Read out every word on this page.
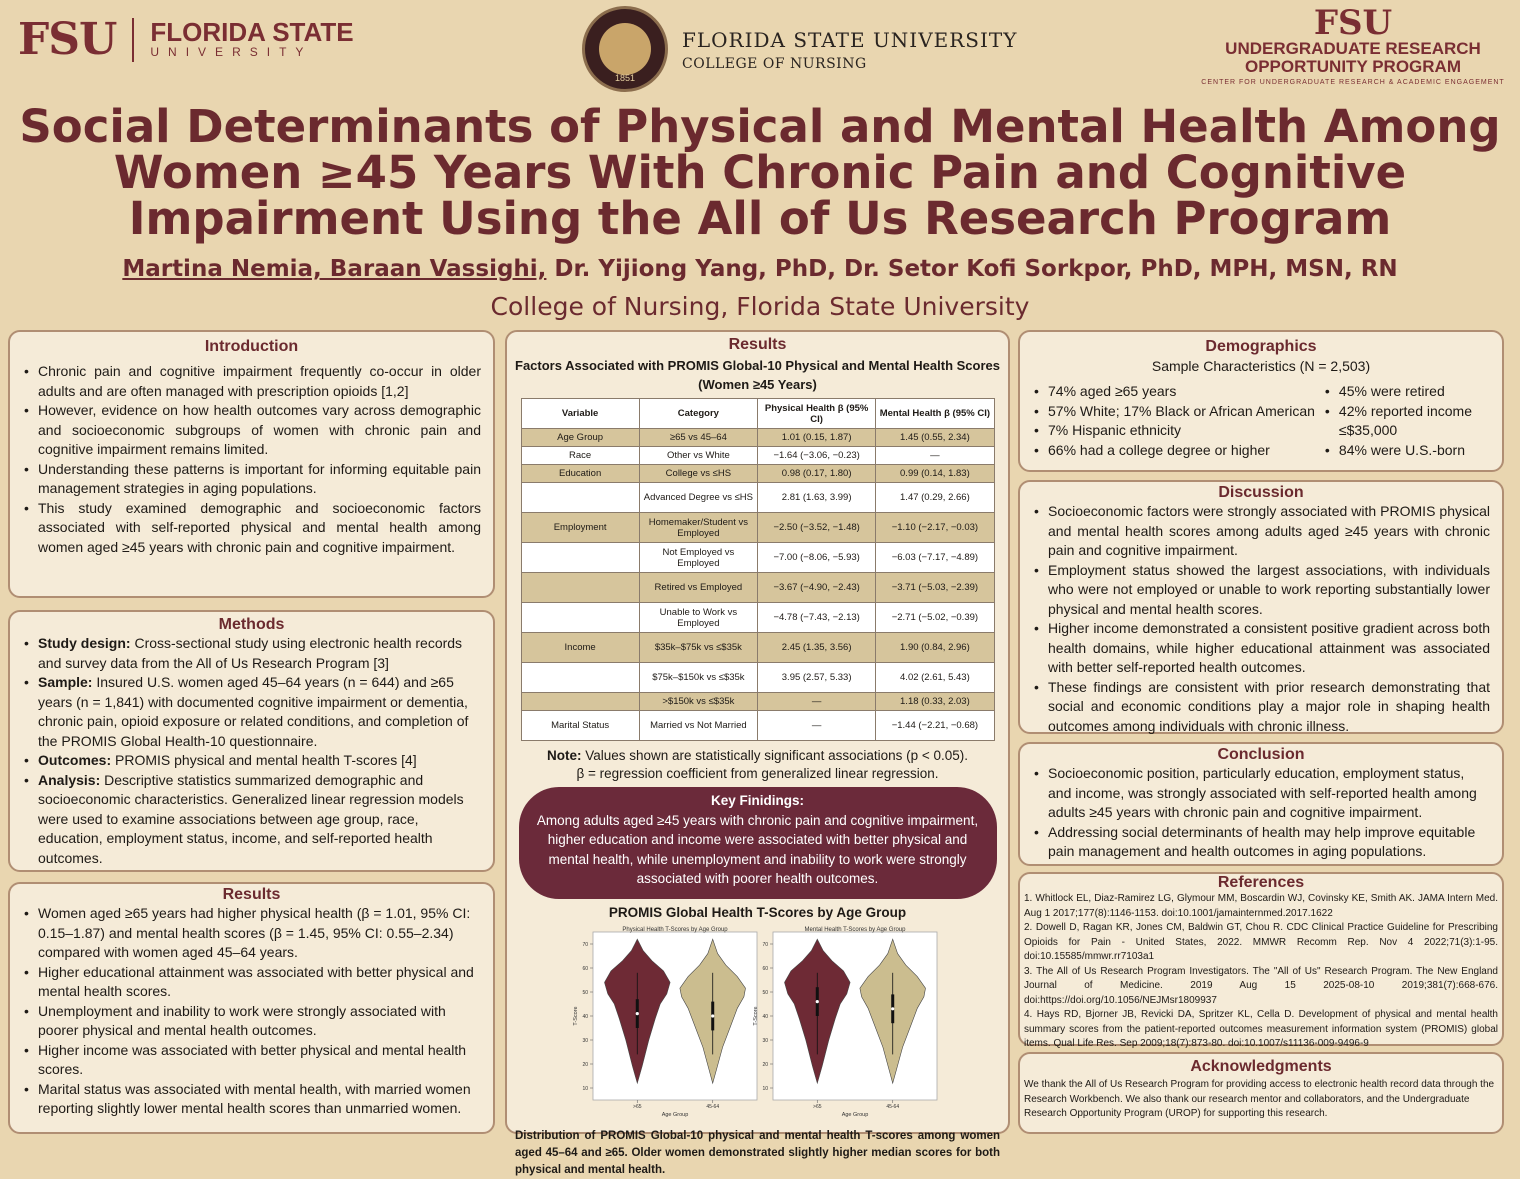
FSU FLORIDA STATE
UNIVERSITY
1851
FLORIDA STATE UNIVERSITY
COLLEGE OF NURSING
FSU
UNDERGRADUATE RESEARCH
OPPORTUNITY PROGRAM
CENTER FOR UNDERGRADUATE RESEARCH & ACADEMIC ENGAGEMENT
Social Determinants of Physical and Mental Health Among
Women ≥45 Years With Chronic Pain and Cognitive
Impairment Using the All of Us Research Program
Martina Nemia, Baraan Vassighi, Dr. Yijiong Yang, PhD, Dr. Setor Kofi Sorkpor, PhD, MPH, MSN, RN
College of Nursing, Florida State University
Introduction
• Chronic pain and cognitive impairment frequently co-occur in older adults and are often managed with prescription opioids [1,2]
• However, evidence on how health outcomes vary across demographic and socioeconomic subgroups of women with chronic pain and cognitive impairment remains limited.
• Understanding these patterns is important for informing equitable pain management strategies in aging populations.
• This study examined demographic and socioeconomic factors associated with self-reported physical and mental health among women aged ≥45 years with chronic pain and cognitive impairment.
Methods
• Study design: Cross-sectional study using electronic health records and survey data from the All of Us Research Program [3]
• Sample: Insured U.S. women aged 45–64 years (n = 644) and ≥65 years (n = 1,841) with documented cognitive impairment or dementia, chronic pain, opioid exposure or related conditions, and completion of the PROMIS Global Health-10 questionnaire.
• Outcomes: PROMIS physical and mental health T-scores [4]
• Analysis: Descriptive statistics summarized demographic and socioeconomic characteristics. Generalized linear regression models were used to examine associations between age group, race, education, employment status, income, and self-reported health outcomes.
Results
• Women aged ≥65 years had higher physical health (β = 1.01, 95% CI: 0.15–1.87) and mental health scores (β = 1.45, 95% CI: 0.55–2.34) compared with women aged 45–64 years.
• Higher educational attainment was associated with better physical and mental health scores.
• Unemployment and inability to work were strongly associated with poorer physical and mental health outcomes.
• Higher income was associated with better physical and mental health scores.
• Marital status was associated with mental health, with married women reporting slightly lower mental health scores than unmarried women.
Results
Factors Associated with PROMIS Global-10 Physical and Mental Health Scores (Women ≥45 Years)
Variable	Category	Physical Health β (95% CI)	Mental Health β (95% CI)
Age Group	≥65 vs 45–64	1.01 (0.15, 1.87)	1.45 (0.55, 2.34)
Race	Other vs White	−1.64 (−3.06, −0.23)	—
Education	College vs ≤HS	0.98 (0.17, 1.80)	0.99 (0.14, 1.83)
	Advanced Degree vs ≤HS	2.81 (1.63, 3.99)	1.47 (0.29, 2.66)
Employment	Homemaker/Student vs Employed	−2.50 (−3.52, −1.48)	−1.10 (−2.17, −0.03)
	Not Employed vs Employed	−7.00 (−8.06, −5.93)	−6.03 (−7.17, −4.89)
	Retired vs Employed	−3.67 (−4.90, −2.43)	−3.71 (−5.03, −2.39)
	Unable to Work vs Employed	−4.78 (−7.43, −2.13)	−2.71 (−5.02, −0.39)
Income	$35k–$75k vs ≤$35k	2.45 (1.35, 3.56)	1.90 (0.84, 2.96)
	$75k–$150k vs ≤$35k	3.95 (2.57, 5.33)	4.02 (2.61, 5.43)
	>$150k vs ≤$35k	—	1.18 (0.33, 2.03)
Marital Status	Married vs Not Married	—	−1.44 (−2.21, −0.68)
Note: Values shown are statistically significant associations (p < 0.05).
β = regression coefficient from generalized linear regression.
Key Finidings:
Among adults aged ≥45 years with chronic pain and cognitive impairment, higher education and income were associated with better physical and mental health, while unemployment and inability to work were strongly associated with poorer health outcomes.
PROMIS Global Health T-Scores by Age Group
Physical Health T-Scores by Age Group
10
20
30
40
50
60
70
T-Score
Age Group
>65	45-64
Mental Health T-Scores by Age Group
10
20
30
40
50
60
70
T-Score
Age Group
>65	45-64
Distribution of PROMIS Global-10 physical and mental health T-scores among women aged 45–64 and ≥65. Older women demonstrated slightly higher median scores for both physical and mental health.
Demographics
Sample Characteristics (N = 2,503)
• 74% aged ≥65 years
• 57% White; 17% Black or African American
• 7% Hispanic ethnicity
• 66% had a college degree or higher
• 45% were retired
• 42% reported income ≤$35,000
• 84% were U.S.-born
Discussion
• Socioeconomic factors were strongly associated with PROMIS physical and mental health scores among adults aged ≥45 years with chronic pain and cognitive impairment.
• Employment status showed the largest associations, with individuals who were not employed or unable to work reporting substantially lower physical and mental health scores.
• Higher income demonstrated a consistent positive gradient across both health domains, while higher educational attainment was associated with better self-reported health outcomes.
• These findings are consistent with prior research demonstrating that social and economic conditions play a major role in shaping health outcomes among individuals with chronic illness.
Conclusion
• Socioeconomic position, particularly education, employment status, and income, was strongly associated with self-reported health among adults ≥45 years with chronic pain and cognitive impairment.
• Addressing social determinants of health may help improve equitable pain management and health outcomes in aging populations.
References
1. Whitlock EL, Diaz-Ramirez LG, Glymour MM, Boscardin WJ, Covinsky KE, Smith AK. JAMA Intern Med. Aug 1 2017;177(8):1146-1153. doi:10.1001/jamainternmed.2017.1622
2. Dowell D, Ragan KR, Jones CM, Baldwin GT, Chou R. CDC Clinical Practice Guideline for Prescribing Opioids for Pain - United States, 2022. MMWR Recomm Rep. Nov 4 2022;71(3):1-95. doi:10.15585/mmwr.rr7103a1
3. The All of Us Research Program Investigators. The "All of Us" Research Program. The New England Journal of Medicine. 2019 Aug 15 2025-08-10 2019;381(7):668-676. doi:https://doi.org/10.1056/NEJMsr1809937
4. Hays RD, Bjorner JB, Revicki DA, Spritzer KL, Cella D. Development of physical and mental health summary scores from the patient-reported outcomes measurement information system (PROMIS) global items. Qual Life Res. Sep 2009;18(7):873-80. doi:10.1007/s11136-009-9496-9
Acknowledgments
We thank the All of Us Research Program for providing access to electronic health record data through the Research Workbench. We also thank our research mentor and collaborators, and the Undergraduate Research Opportunity Program (UROP) for supporting this research.
